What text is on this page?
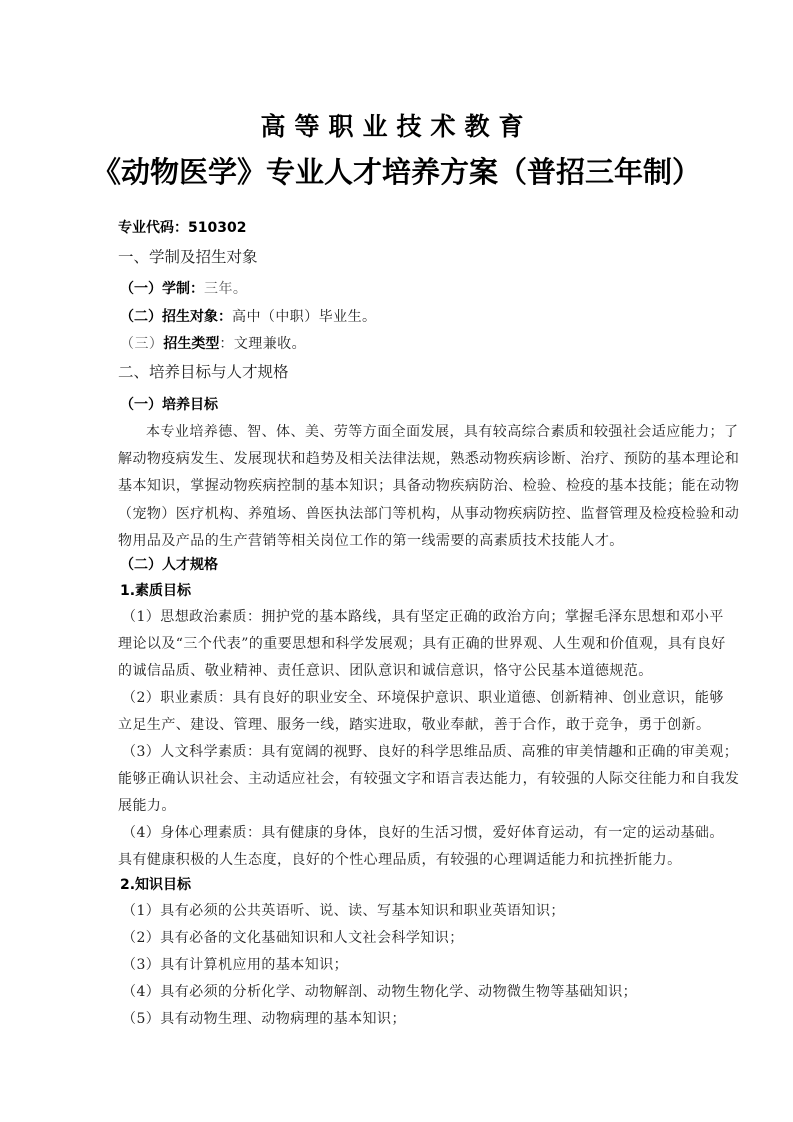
高等职业技术教育
《动物医学》专业人才培养方案（普招三年制）
专业代码：510302
一、学制及招生对象
（一）学制：三年。
（二）招生对象：高中（中职）毕业生。
（三）招生类型：文理兼收。
二、培养目标与人才规格
（一）培养目标
本专业培养德、智、体、美、劳等方面全面发展，具有较高综合素质和较强社会适应能力；了
解动物疫病发生、发展现状和趋势及相关法律法规，熟悉动物疾病诊断、治疗、预防的基本理论和
基本知识，掌握动物疾病控制的基本知识；具备动物疾病防治、检验、检疫的基本技能；能在动物
（宠物）医疗机构、养殖场、兽医执法部门等机构，从事动物疾病防控、监督管理及检疫检验和动
物用品及产品的生产营销等相关岗位工作的第一线需要的高素质技术技能人才。
（二）人才规格
1.素质目标
（1）思想政治素质：拥护党的基本路线，具有坚定正确的政治方向；掌握毛泽东思想和邓小平
理论以及“三个代表”的重要思想和科学发展观；具有正确的世界观、人生观和价值观，具有良好
的诚信品质、敬业精神、责任意识、团队意识和诚信意识，恪守公民基本道德规范。
（2）职业素质：具有良好的职业安全、环境保护意识、职业道德、创新精神、创业意识，能够
立足生产、建设、管理、服务一线，踏实进取，敬业奉献，善于合作，敢于竞争，勇于创新。
（3）人文科学素质：具有宽阔的视野、良好的科学思维品质、高雅的审美情趣和正确的审美观；
能够正确认识社会、主动适应社会，有较强文字和语言表达能力，有较强的人际交往能力和自我发
展能力。
（4）身体心理素质：具有健康的身体，良好的生活习惯，爱好体育运动，有一定的运动基础。
具有健康积极的人生态度，良好的个性心理品质，有较强的心理调适能力和抗挫折能力。
2.知识目标
（1）具有必须的公共英语听、说、读、写基本知识和职业英语知识；
（2）具有必备的文化基础知识和人文社会科学知识；
（3）具有计算机应用的基本知识；
（4）具有必须的分析化学、动物解剖、动物生物化学、动物微生物等基础知识；
（5）具有动物生理、动物病理的基本知识；
